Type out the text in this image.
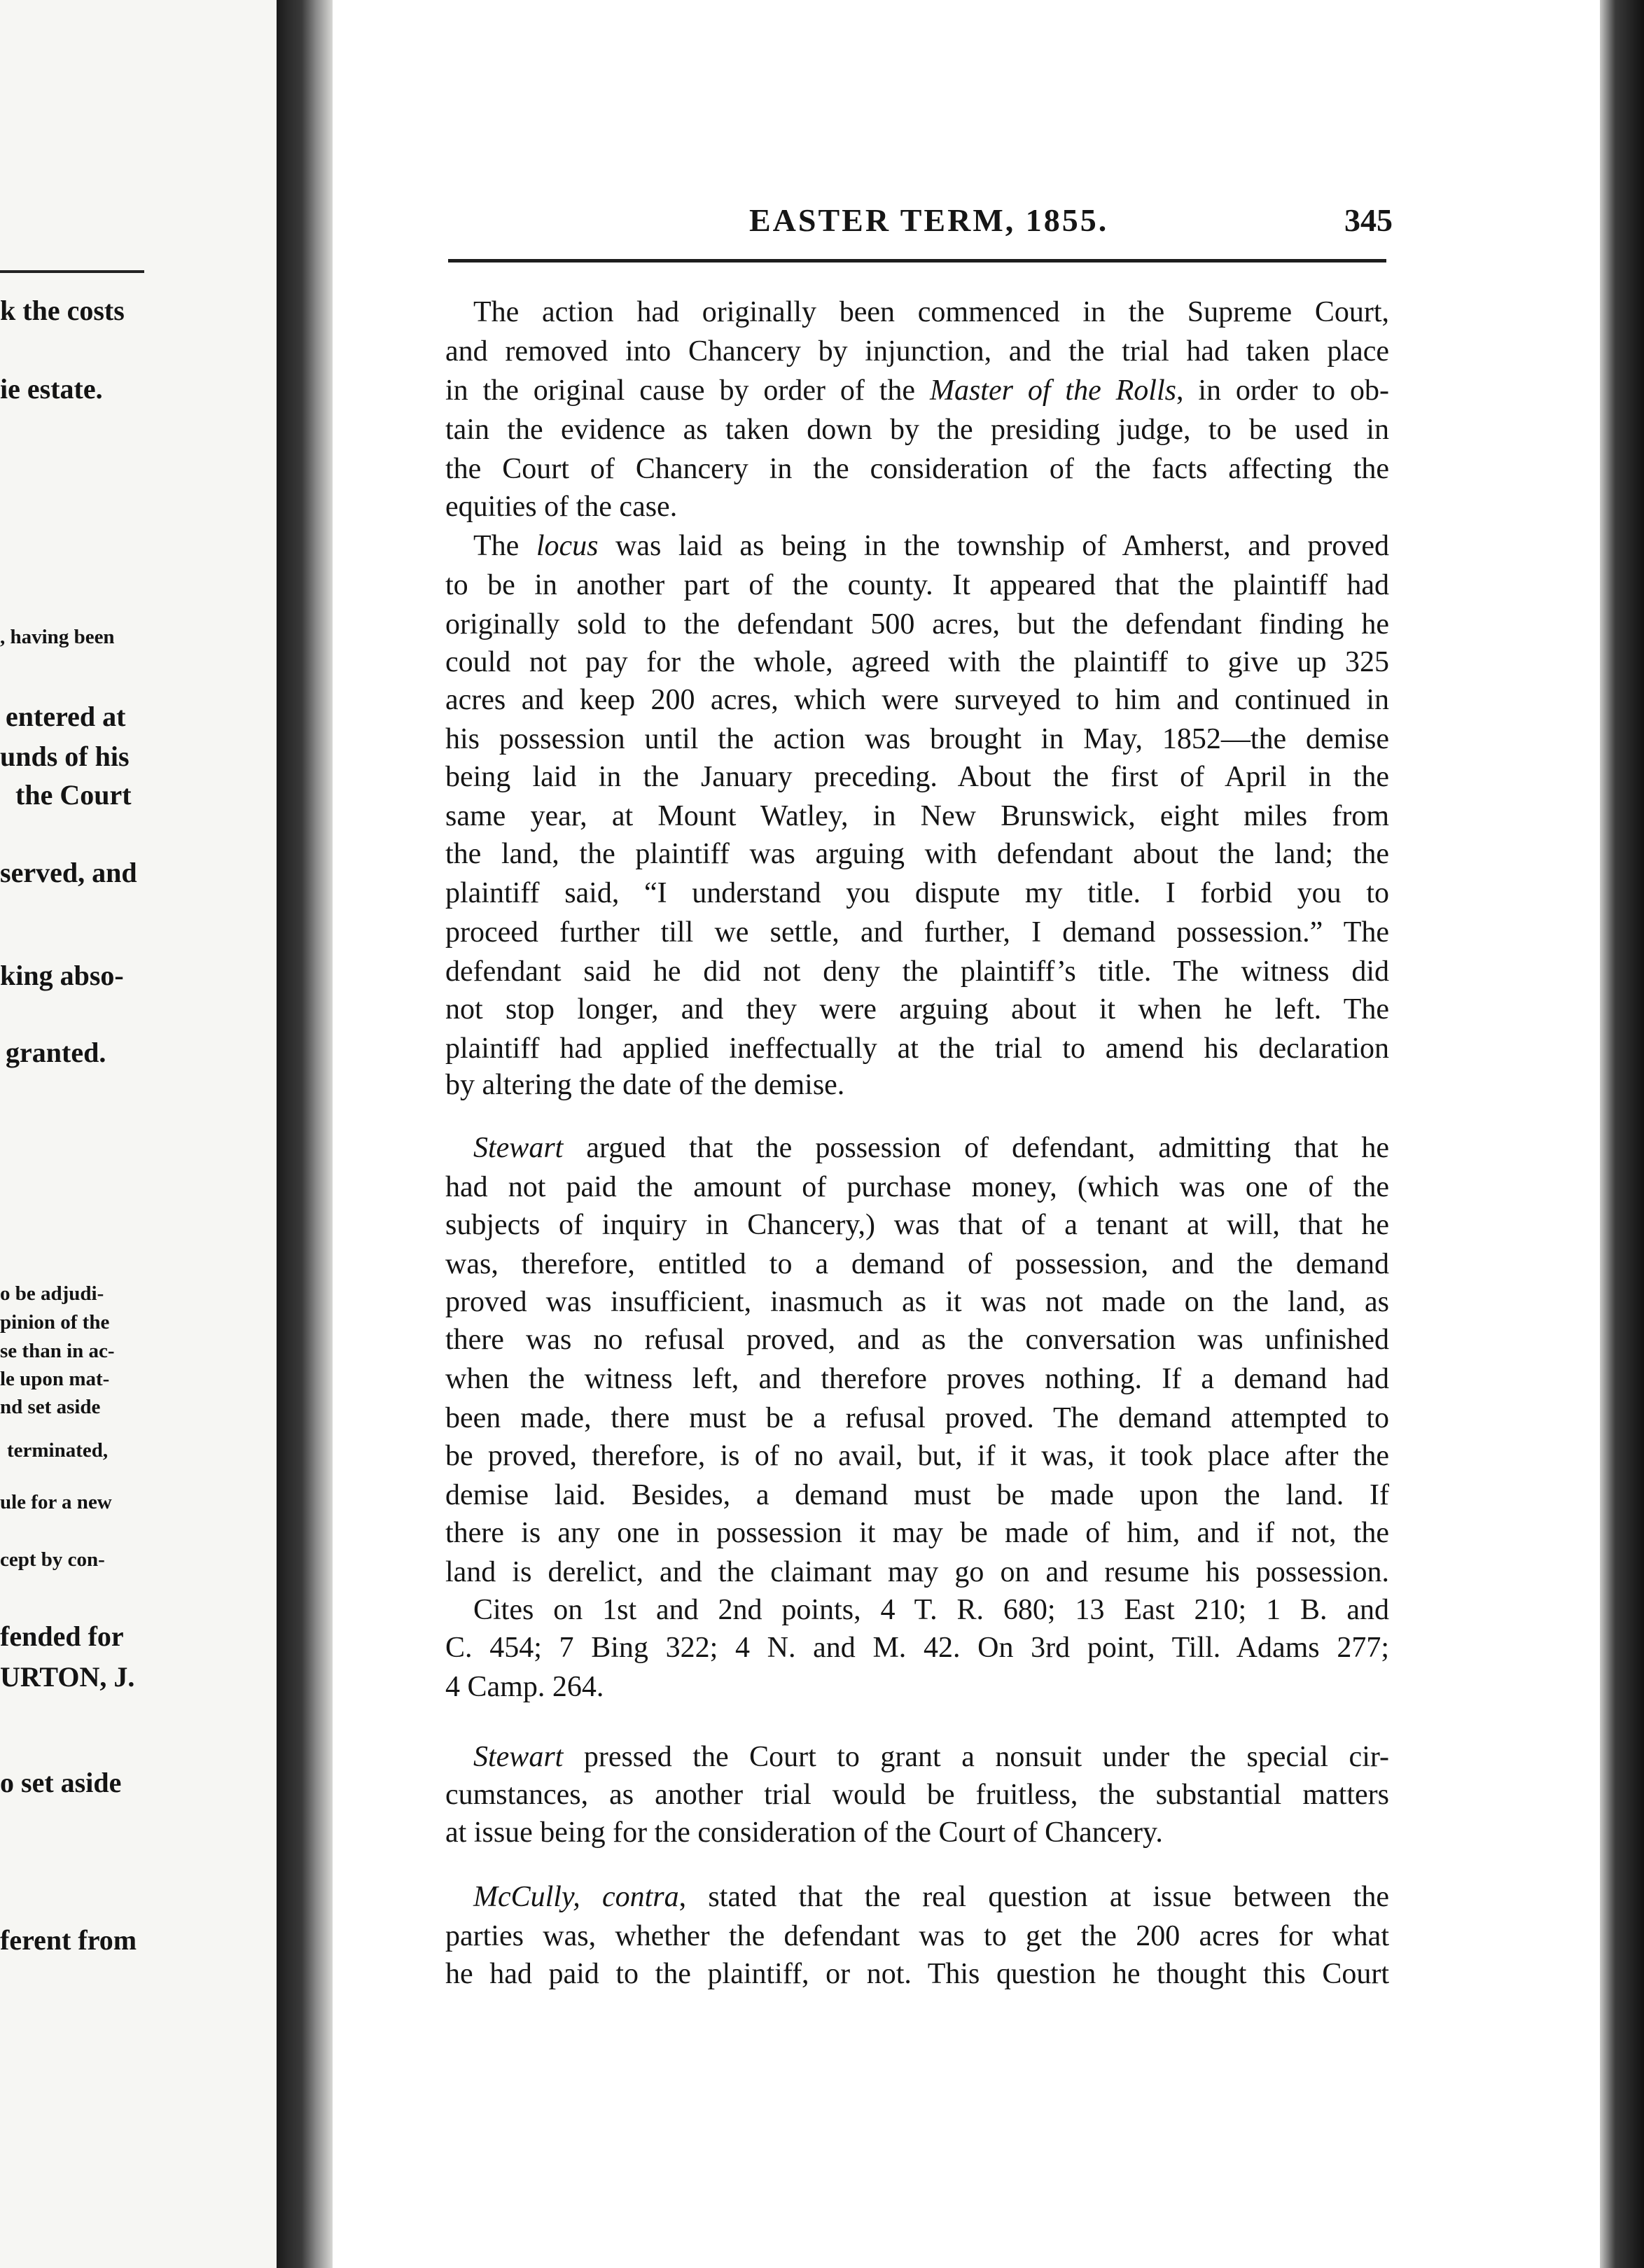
k the costs
ie estate.
, having been
entered at
unds of his
the Court
served, and
king abso-
granted.
o be adjudi-
pinion of the
se than in ac-
le upon mat-
nd set aside
terminated,
ule for a new
cept by con-
fended for
URTON, J.
o set aside
ferent from
EASTER TERM, 1855.	345
The action had originally been commenced in the Supreme Court,
and removed into Chancery by injunction, and the trial had taken place
in the original cause by order of the Master of the Rolls, in order to ob-
tain the evidence as taken down by the presiding judge, to be used in
the Court of Chancery in the consideration of the facts affecting the
equities of the case.
The locus was laid as being in the township of Amherst, and proved
to be in another part of the county. It appeared that the plaintiff had
originally sold to the defendant 500 acres, but the defendant finding he
could not pay for the whole, agreed with the plaintiff to give up 325
acres and keep 200 acres, which were surveyed to him and continued in
his possession until the action was brought in May, 1852—the demise
being laid in the January preceding. About the first of April in the
same year, at Mount Watley, in New Brunswick, eight miles from
the land, the plaintiff was arguing with defendant about the land; the
plaintiff said, “I understand you dispute my title. I forbid you to
proceed further till we settle, and further, I demand possession.” The
defendant said he did not deny the plaintiff’s title. The witness did
not stop longer, and they were arguing about it when he left. The
plaintiff had applied ineffectually at the trial to amend his declaration
by altering the date of the demise.
Stewart argued that the possession of defendant, admitting that he
had not paid the amount of purchase money, (which was one of the
subjects of inquiry in Chancery,) was that of a tenant at will, that he
was, therefore, entitled to a demand of possession, and the demand
proved was insufficient, inasmuch as it was not made on the land, as
there was no refusal proved, and as the conversation was unfinished
when the witness left, and therefore proves nothing. If a demand had
been made, there must be a refusal proved. The demand attempted to
be proved, therefore, is of no avail, but, if it was, it took place after the
demise laid. Besides, a demand must be made upon the land. If
there is any one in possession it may be made of him, and if not, the
land is derelict, and the claimant may go on and resume his possession.
Cites on 1st and 2nd points, 4 T. R. 680; 13 East 210; 1 B. and
C. 454; 7 Bing 322; 4 N. and M. 42. On 3rd point, Till. Adams 277;
4 Camp. 264.
Stewart pressed the Court to grant a nonsuit under the special cir-
cumstances, as another trial would be fruitless, the substantial matters
at issue being for the consideration of the Court of Chancery.
McCully, contra, stated that the real question at issue between the
parties was, whether the defendant was to get the 200 acres for what
he had paid to the plaintiff, or not. This question he thought this Court
